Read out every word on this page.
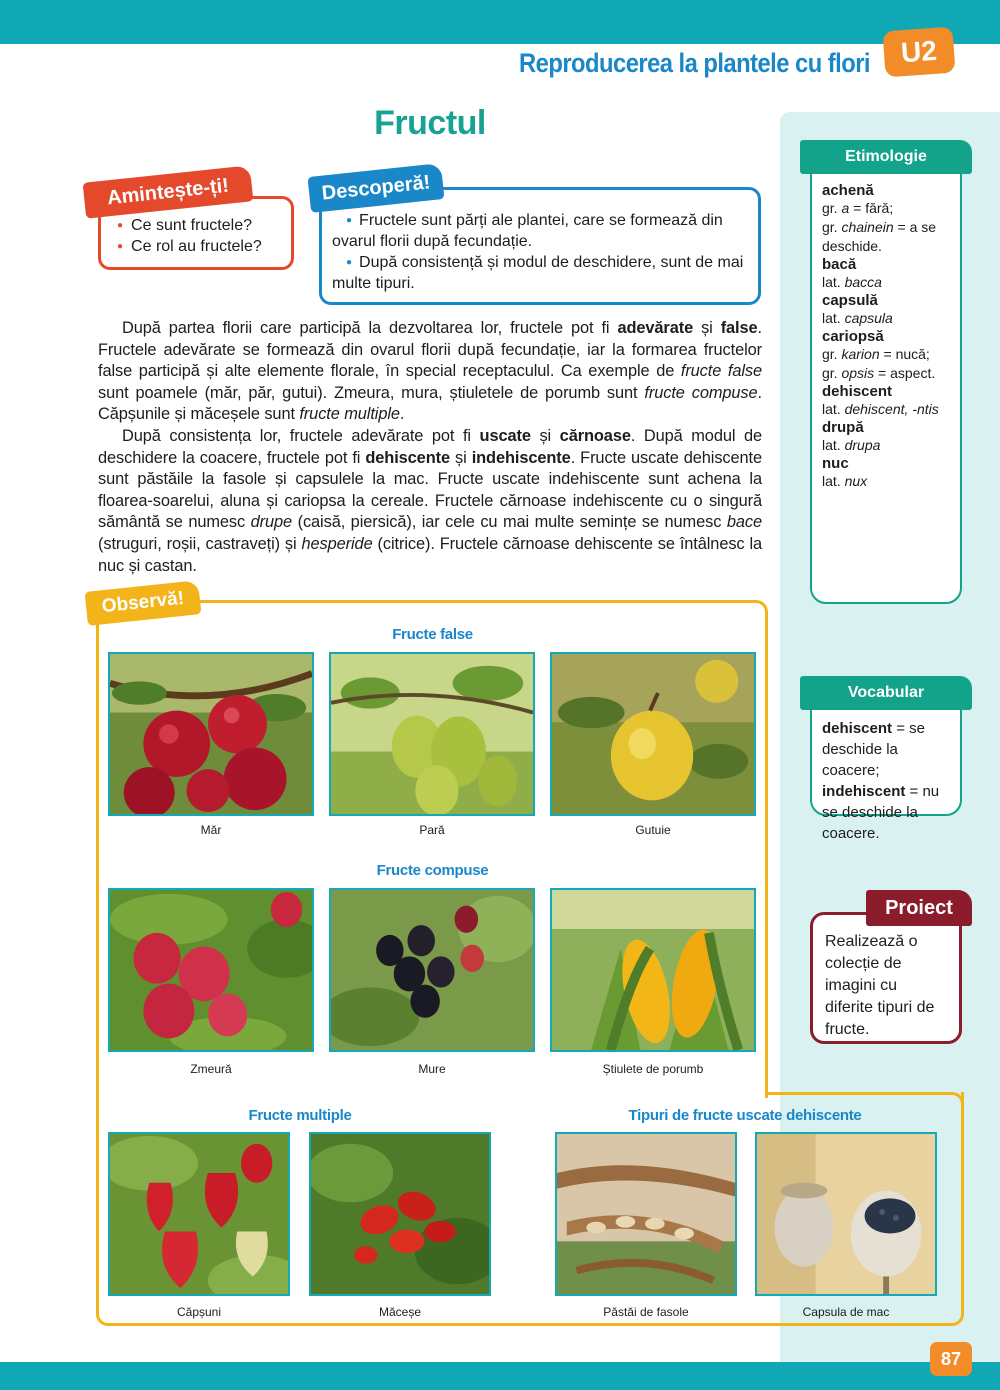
Reproducerea la plantele cu flori	U2
Fructul
● Ce sunt fructele?
● Ce rol au fructele?
Amintește-ți!
● Fructele sunt părți ale plantei, care se formează din ovarul florii după fecundație.
● După consistență și modul de deschidere, sunt de mai multe tipuri.
Descoperă!

După partea florii care participă la dezvoltarea lor, fructele pot fi adevărate și false. Fructele adevărate se formează din ovarul florii după fecundație, iar la formarea fructelor false participă și alte elemente florale, în special receptaculul. Ca exemple de fructe false sunt poamele (măr, păr, gutui). Zmeura, mura, știuletele de porumb sunt fructe compuse. Căpșunile și măceșele sunt fructe multiple.

După consistența lor, fructele adevărate pot fi uscate și cărnoase. După modul de deschidere la coacere, fructele pot fi dehiscente și indehiscente. Fructe uscate dehiscente sunt păstăile la fasole și capsulele la mac. Fructe uscate indehiscente sunt achena la floarea-soarelui, aluna și cariopsa la cereale. Fructele cărnoase indehiscente cu o singură sământă se numesc drupe (caisă, piersică), iar cele cu mai multe semințe se numesc bace (struguri, roșii, castraveți) și hesperide (citrice). Fructele cărnoase dehiscente se întâlnesc la nuc și castan.

Observă!
Fructe false
Fructe compuse
Fructe multiple	Tipuri de fructe uscate dehiscente
Măr	Pară	Gutuie
Zmeură	Mure	Știulete de porumb
Căpșuni	Măceșe	Păstăi de fasole	Capsula de mac
achenă
gr. a = fără;
gr. chainein = a se deschide.
bacă
lat. bacca
capsulă
lat. capsula
cariopsă
gr. karion = nucă;
gr. opsis = aspect.
dehiscent
lat. dehiscent, -ntis
drupă
lat. drupa
nuc
lat. nux
Etimologie
dehiscent = se deschide la coacere;
indehiscent = nu se deschide la coacere.
Vocabular
Realizează o colecție de imagini cu diferite tipuri de fructe.
Proiect
87
